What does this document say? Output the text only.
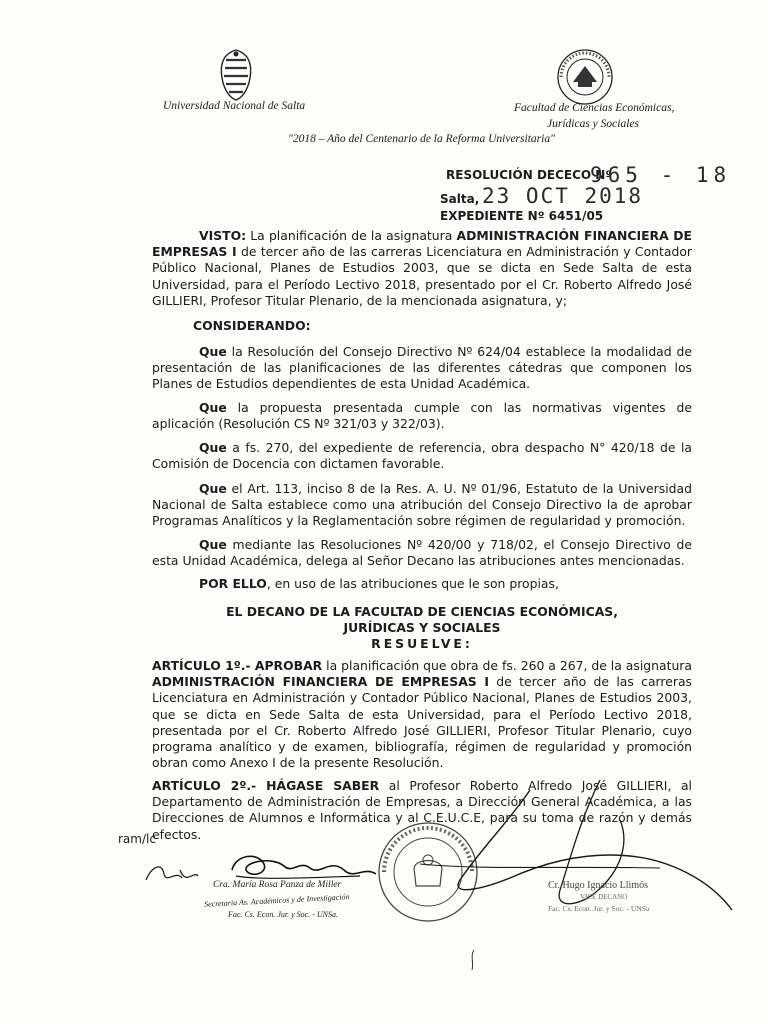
Universidad Nacional de Salta	Facultad de Ciencias Económicas,
Jurídicas y Sociales
"2018 – Año del Centenario de la Reforma Universitaria"
RESOLUCIÓN DECECO Nº
965 - 18
Salta, 23 OCT 2018
EXPEDIENTE Nº 6451/05
VISTO: La planificación de la asignatura ADMINISTRACIÓN FINANCIERA DE EMPRESAS I de tercer año de las carreras Licenciatura en Administración y Contador Público Nacional, Planes de Estudios 2003, que se dicta en Sede Salta de esta Universidad, para el Período Lectivo 2018, presentado por el Cr. Roberto Alfredo José GILLIERI, Profesor Titular Plenario, de la mencionada asignatura, y;
CONSIDERANDO:
Que la Resolución del Consejo Directivo Nº 624/04 establece la modalidad de presentación de las planificaciones de las diferentes cátedras que componen los Planes de Estudios dependientes de esta Unidad Académica.
Que la propuesta presentada cumple con las normativas vigentes de aplicación (Resolución CS Nº 321/03 y 322/03).
Que a fs. 270, del expediente de referencia, obra despacho N° 420/18 de la Comisión de Docencia con dictamen favorable.
Que el Art. 113, inciso 8 de la Res. A. U. Nº 01/96, Estatuto de la Universidad Nacional de Salta establece como una atribución del Consejo Directivo la de aprobar Programas Analíticos y la Reglamentación sobre régimen de regularidad y promoción.
Que mediante las Resoluciones Nº 420/00 y 718/02, el Consejo Directivo de esta Unidad Académica, delega al Señor Decano las atribuciones antes mencionadas.
POR ELLO, en uso de las atribuciones que le son propias,
EL DECANO DE LA FACULTAD DE CIENCIAS ECONÓMICAS,
JURÍDICAS Y SOCIALES
RESUELVE:
ARTÍCULO 1º.- APROBAR la planificación que obra de fs. 260 a 267, de la asignatura ADMINISTRACIÓN FINANCIERA DE EMPRESAS I de tercer año de las carreras Licenciatura en Administración y Contador Público Nacional, Planes de Estudios 2003, que se dicta en Sede Salta de esta Universidad, para el Período Lectivo 2018, presentada por el Cr. Roberto Alfredo José GILLIERI, Profesor Titular Plenario, cuyo programa analítico y de examen, bibliografía, régimen de regularidad y promoción obran como Anexo I de la presente Resolución.
ARTÍCULO 2º.- HÁGASE SABER al Profesor Roberto Alfredo José GILLIERI, al Departamento de Administración de Empresas, a Dirección General Académica, a las Direcciones de Alumnos e Informática y al C.E.U.C.E, para su toma de razón y demás efectos.
ram/lc
Cra. María Rosa Panza de Miller
Secretaria As. Académicos y de Investigación
Fac. Cs. Econ. Jur. y Soc. - UNSa.
Cr. Hugo Ignacio Llimós
VICE DECANO
Fac. Cs. Econ. Jur. y Soc. - UNSa
